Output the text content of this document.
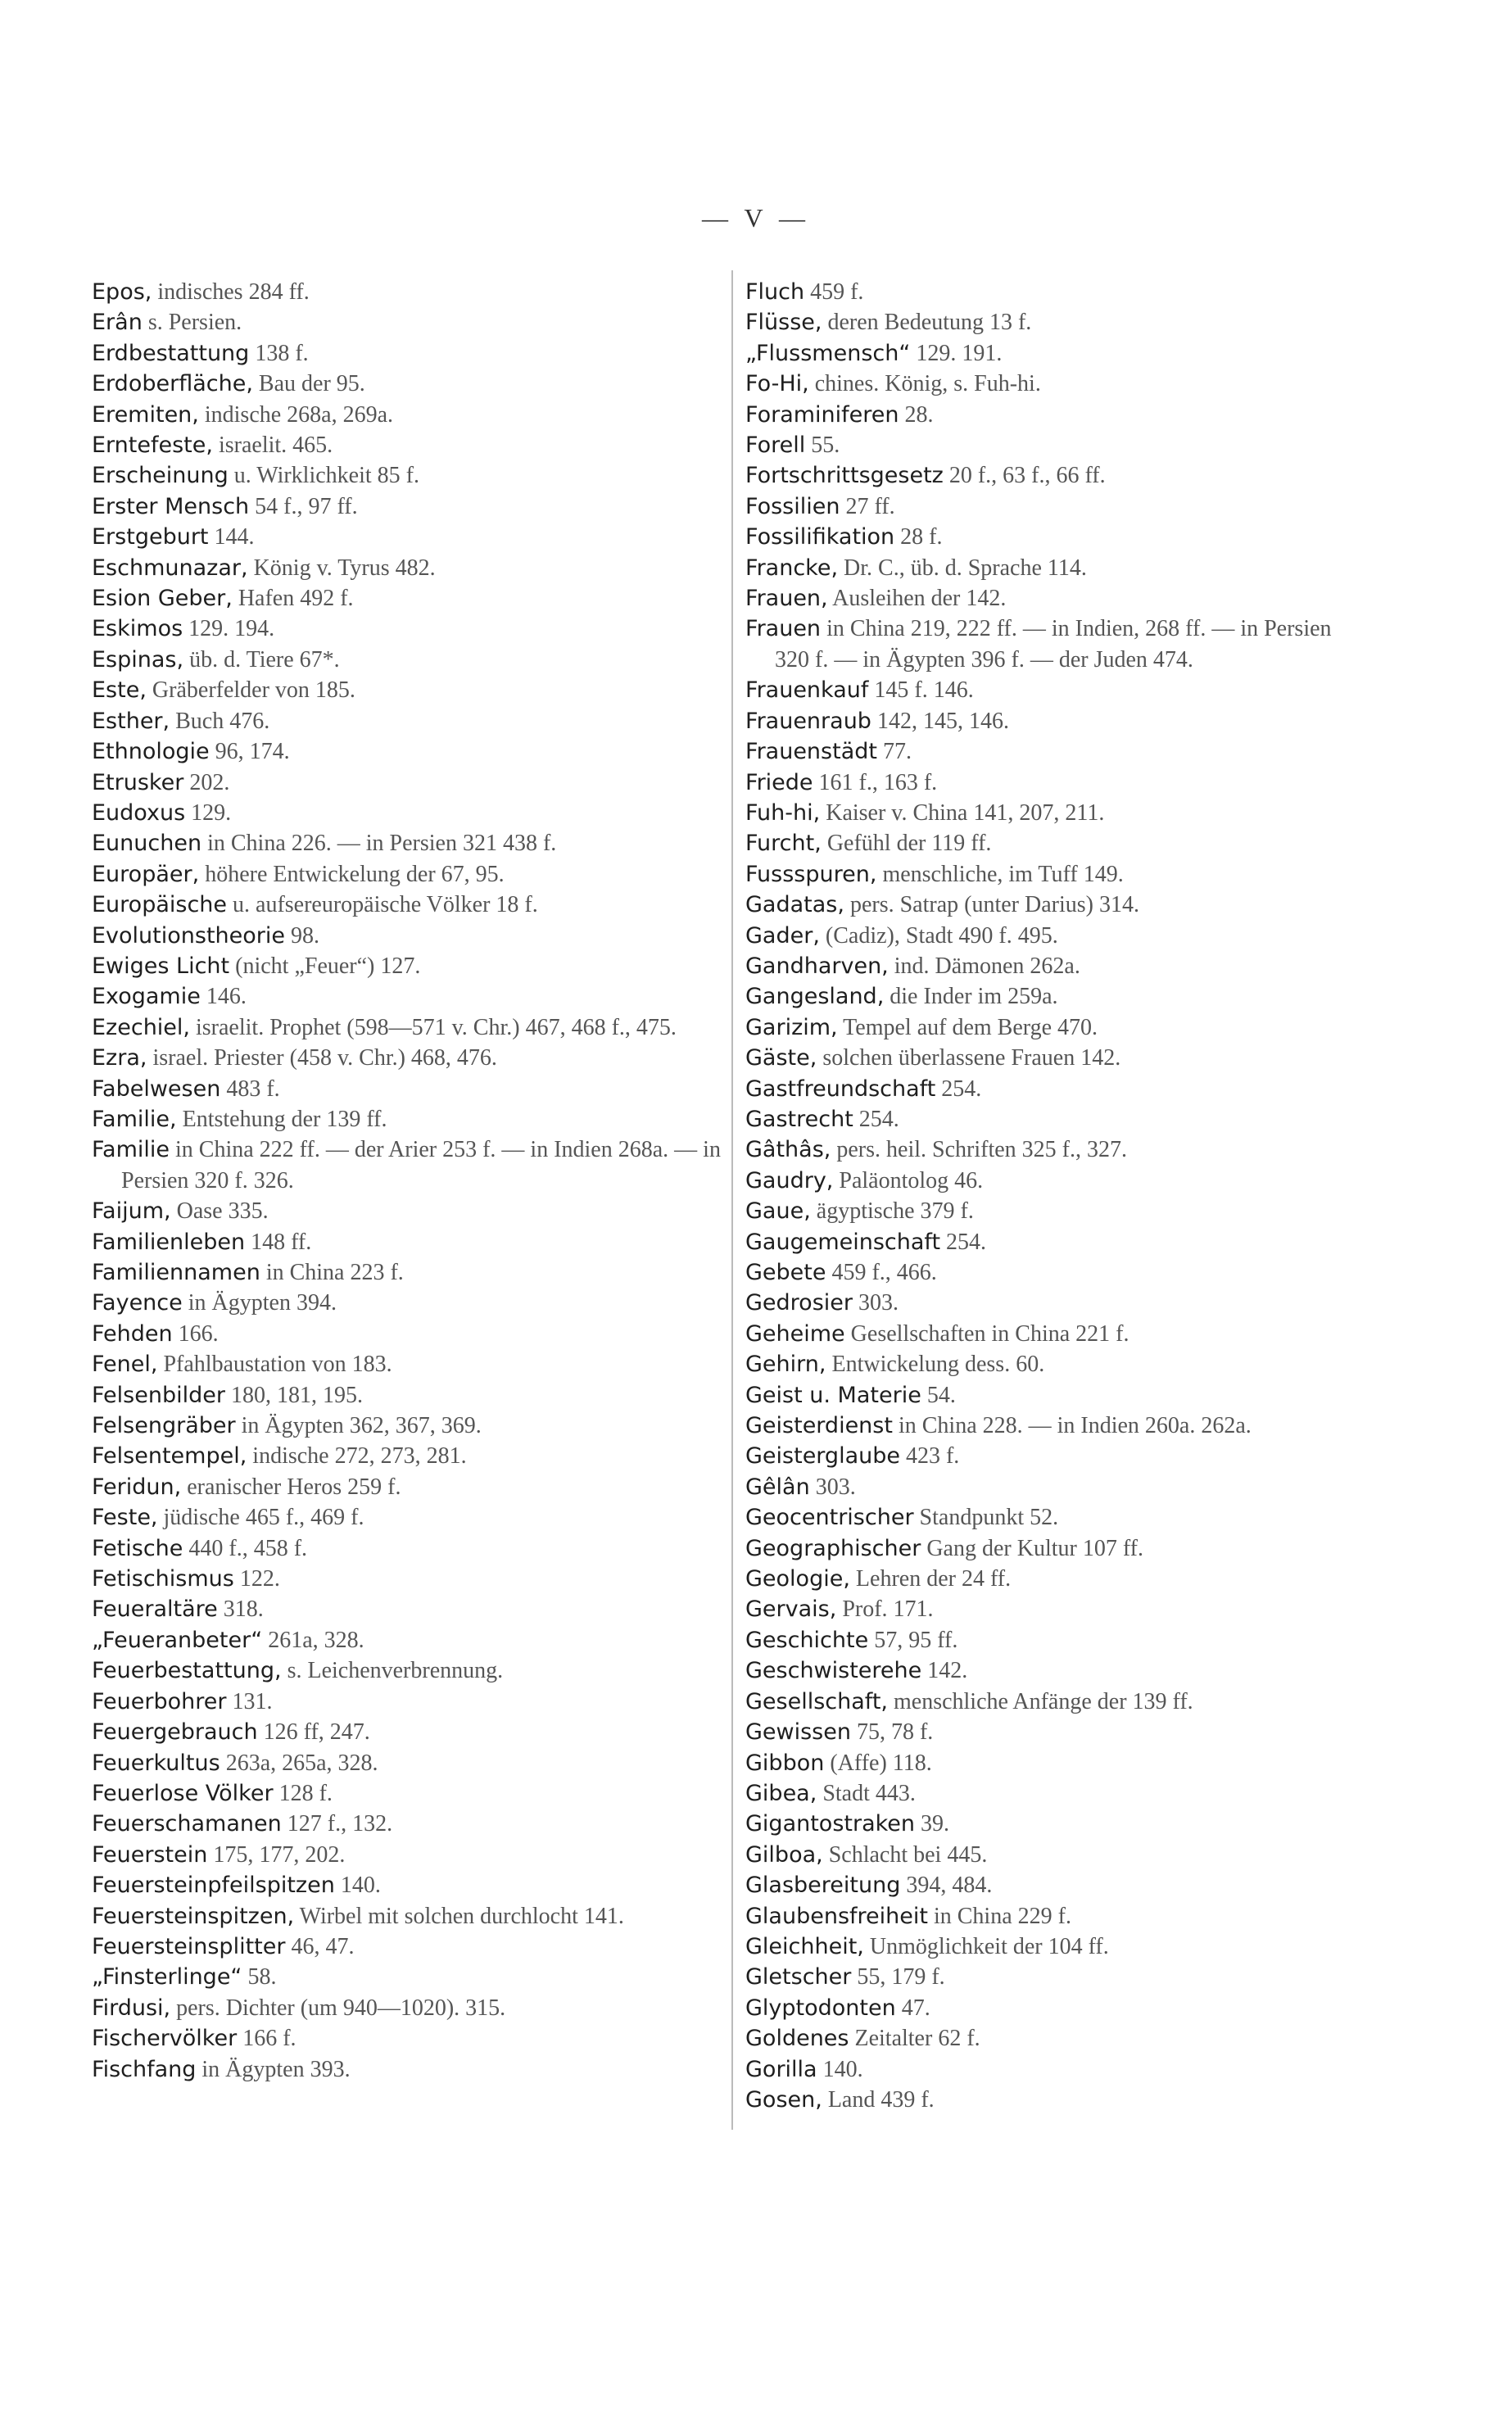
— V —

Epos, indisches 284 ff.

Erân s. Persien.

Erdbestattung 138 f.

Erdoberfläche, Bau der 95.

Eremiten, indische 268a, 269a.

Erntefeste, israelit. 465.

Erscheinung u. Wirklichkeit 85 f.

Erster Mensch 54 f., 97 ff.

Erstgeburt 144.

Eschmunazar, König v. Tyrus 482.

Esion Geber, Hafen 492 f.

Eskimos 129. 194.

Espinas, üb. d. Tiere 67*.

Este, Gräberfelder von 185.

Esther, Buch 476.

Ethnologie 96, 174.

Etrusker 202.

Eudoxus 129.

Eunuchen in China 226. — in Persien 321 438 f.

Europäer, höhere Entwickelung der 67, 95.

Europäische u. aufsereuropäische Völker 18 f.

Evolutionstheorie 98.

Ewiges Licht (nicht „Feuer“) 127.

Exogamie 146.

Ezechiel, israelit. Prophet (598—571 v. Chr.) 467, 468 f., 475.

Ezra, israel. Priester (458 v. Chr.) 468, 476.

Fabelwesen 483 f.

Familie, Entstehung der 139 ff.

Familie in China 222 ff. — der Arier 253 f. — in Indien 268a. — in Persien 320 f. 326.

Faijum, Oase 335.

Familienleben 148 ff.

Familiennamen in China 223 f.

Fayence in Ägypten 394.

Fehden 166.

Fenel, Pfahlbaustation von 183.

Felsenbilder 180, 181, 195.

Felsengräber in Ägypten 362, 367, 369.

Felsentempel, indische 272, 273, 281.

Feridun, eranischer Heros 259 f.

Feste, jüdische 465 f., 469 f.

Fetische 440 f., 458 f.

Fetischismus 122.

Feueraltäre 318.

„Feueranbeter“ 261a, 328.

Feuerbestattung, s. Leichenverbrennung.

Feuerbohrer 131.

Feuergebrauch 126 ff, 247.

Feuerkultus 263a, 265a, 328.

Feuerlose Völker 128 f.

Feuerschamanen 127 f., 132.

Feuerstein 175, 177, 202.

Feuersteinpfeilspitzen 140.

Feuersteinspitzen, Wirbel mit solchen durchlocht 141.

Feuersteinsplitter 46, 47.

„Finsterlinge“ 58.

Firdusi, pers. Dichter (um 940—1020). 315.

Fischervölker 166 f.

Fischfang in Ägypten 393.

Fluch 459 f.

Flüsse, deren Bedeutung 13 f.

„Flussmensch“ 129. 191.

Fo-Hi, chines. König, s. Fuh-hi.

Foraminiferen 28.

Forell 55.

Fortschrittsgesetz 20 f., 63 f., 66 ff.

Fossilien 27 ff.

Fossilifikation 28 f.

Francke, Dr. C., üb. d. Sprache 114.

Frauen, Ausleihen der 142.

Frauen in China 219, 222 ff. — in Indien, 268 ff. — in Persien 320 f. — in Ägypten 396 f. — der Juden 474.

Frauenkauf 145 f. 146.

Frauenraub 142, 145, 146.

Frauenstädt 77.

Friede 161 f., 163 f.

Fuh-hi, Kaiser v. China 141, 207, 211.

Furcht, Gefühl der 119 ff.

Fussspuren, menschliche, im Tuff 149.

Gadatas, pers. Satrap (unter Darius) 314.

Gader, (Cadiz), Stadt 490 f. 495.

Gandharven, ind. Dämonen 262a.

Gangesland, die Inder im 259a.

Garizim, Tempel auf dem Berge 470.

Gäste, solchen überlassene Frauen 142.

Gastfreundschaft 254.

Gastrecht 254.

Gâthâs, pers. heil. Schriften 325 f., 327.

Gaudry, Paläontolog 46.

Gaue, ägyptische 379 f.

Gaugemeinschaft 254.

Gebete 459 f., 466.

Gedrosier 303.

Geheime Gesellschaften in China 221 f.

Gehirn, Entwickelung dess. 60.

Geist u. Materie 54.

Geisterdienst in China 228. — in Indien 260a. 262a.

Geisterglaube 423 f.

Gêlân 303.

Geocentrischer Standpunkt 52.

Geographischer Gang der Kultur 107 ff.

Geologie, Lehren der 24 ff.

Gervais, Prof. 171.

Geschichte 57, 95 ff.

Geschwisterehe 142.

Gesellschaft, menschliche Anfänge der 139 ff.

Gewissen 75, 78 f.

Gibbon (Affe) 118.

Gibea, Stadt 443.

Gigantostraken 39.

Gilboa, Schlacht bei 445.

Glasbereitung 394, 484.

Glaubensfreiheit in China 229 f.

Gleichheit, Unmöglichkeit der 104 ff.

Gletscher 55, 179 f.

Glyptodonten 47.

Goldenes Zeitalter 62 f.

Gorilla 140.

Gosen, Land 439 f.
